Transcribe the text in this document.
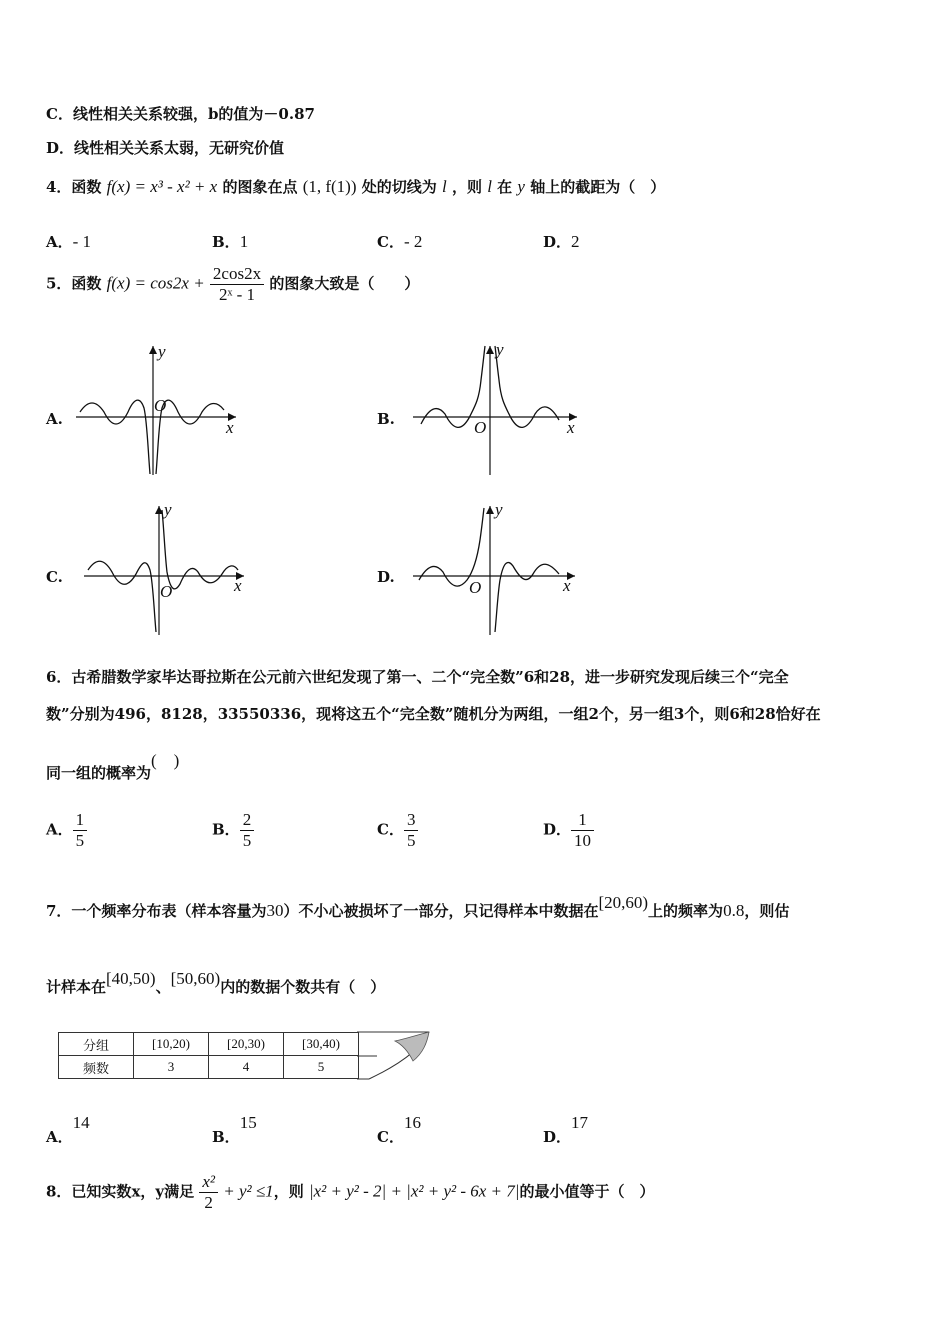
C．线性相关关系较强，b的值为－0.87
D．线性相关关系太弱，无研究价值
4．函数 f(x) = x³ - x² + x 的图象在点 (1, f(1)) 处的切线为 l ，则 l 在 y 轴上的截距为（　）
A．- 1	B．1	C．- 2	D．2
5．函数 $f(x) = \cos 2x + \frac{2\cos 2x}{\text{2ˣ - 1}}$ 的图象大致是（　　）
A.
y
x
O
B.
y
x
O
C.
y
x
O
D.
y
x
O
6．古希腊数学家毕达哥拉斯在公元前六世纪发现了第一、二个“完全数”6和28，进一步研究发现后续三个“完全
数”分别为496，8128，33550336，现将这五个“完全数”随机分为两组，一组2个，另一组3个，则6和28恰好在
同一组的概率为(　)
A． $\frac{1}{5}$	B． $\frac{2}{5}$	C． $\frac{3}{5}$	D． $\frac{1}{10}$
7．一个频率分布表（样本容量为30）不小心被损坏了一部分，只记得样本中数据在[20,60)上的频率为0.8，则估
计样本在[40,50)、[50,60)内的数据个数共有（　）
分组	[10,20)	[20,30)	[30,40)
频数	3	4	5
A．14
B．15
C．16
D．17
8．已知实数x，y满足 $\frac{\text{x²}}{2} + y^2 \le 1$，则 |x² + y² - 2| + |x² + y² - 6x + 7|的最小值等于（　）
